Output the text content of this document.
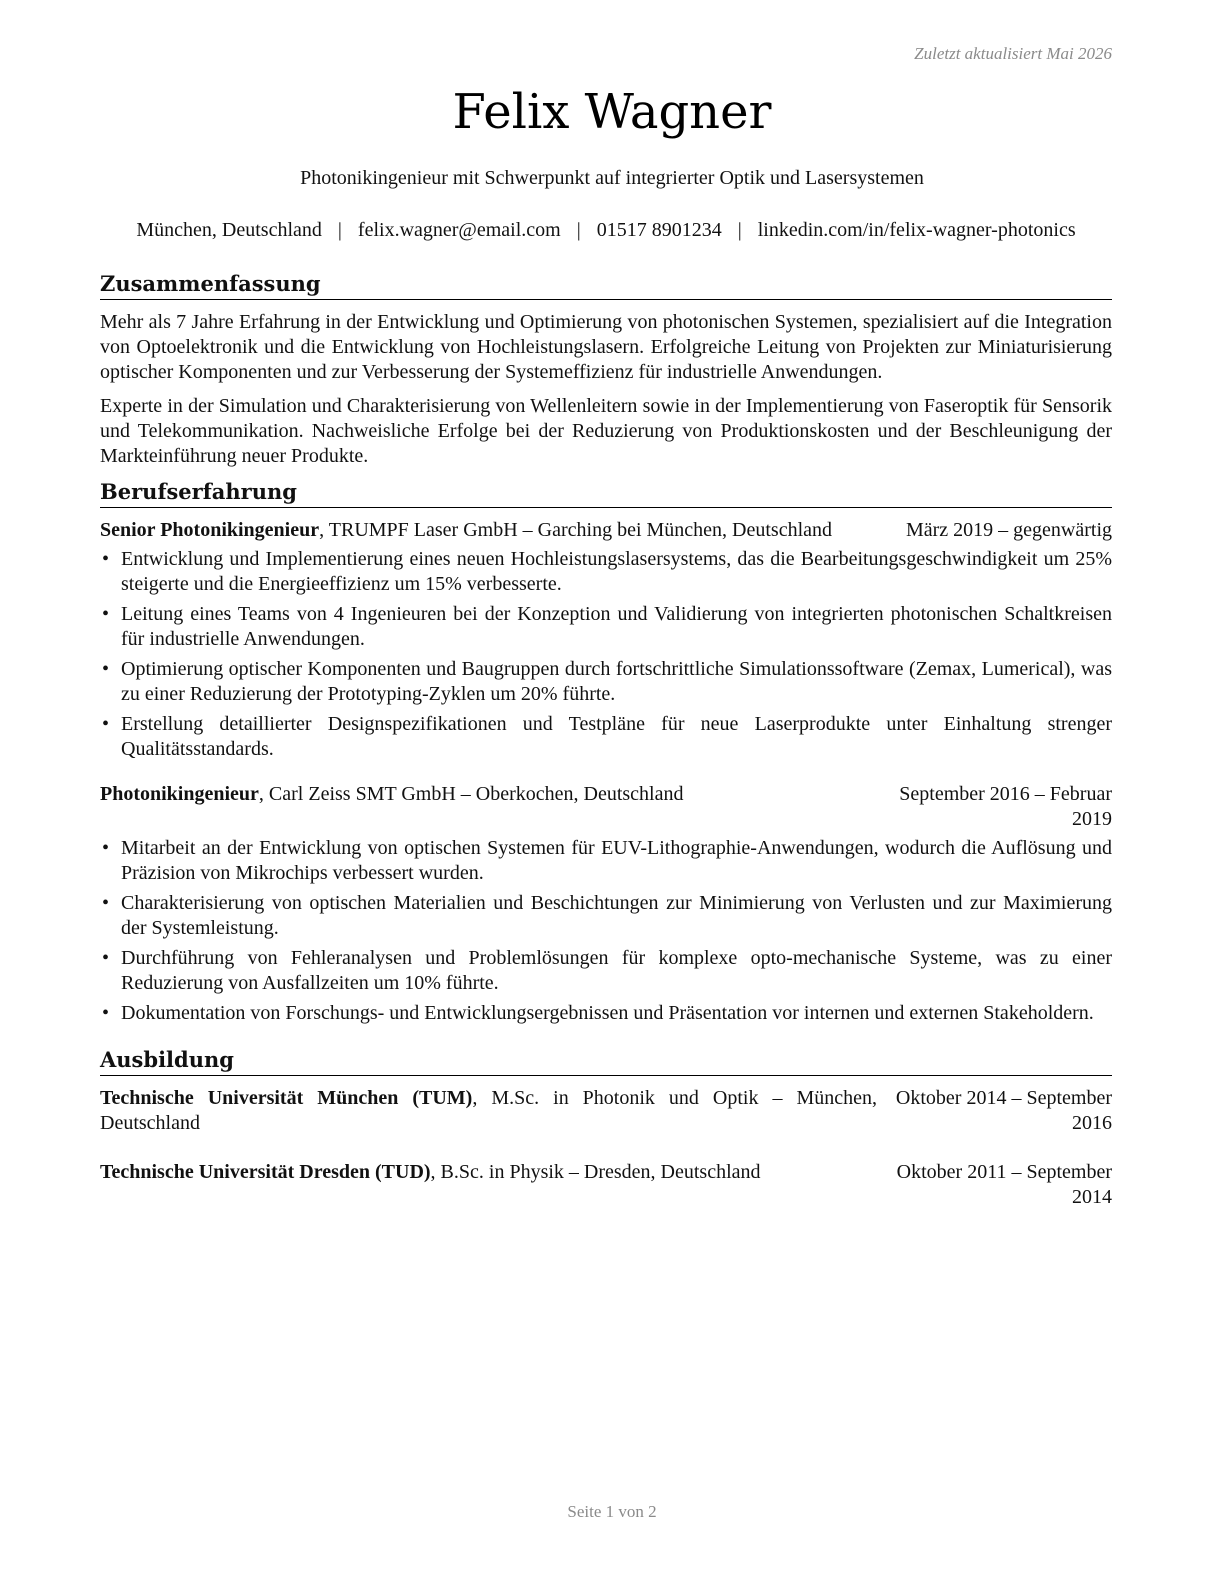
Zuletzt aktualisiert Mai 2026
Felix Wagner
Photonikingenieur mit Schwerpunkt auf integrierter Optik und Lasersystemen
München, Deutschland | felix.wagner@email.com | 01517 8901234 | linkedin.com/in/felix-wagner-photonics
Zusammenfassung

Mehr als 7 Jahre Erfahrung in der Entwicklung und Optimierung von photonischen Systemen, spezialisiert auf die Integration von Optoelektronik und die Entwicklung von Hochleistungslasern. Erfolgreiche Leitung von Projekten zur Miniaturisierung optischer Komponenten und zur Verbesserung der Systemeffizienz für industrielle Anwendungen.

Experte in der Simulation und Charakterisierung von Wellenleitern sowie in der Implementierung von Faseroptik für Sensorik und Telekommunikation. Nachweisliche Erfolge bei der Reduzierung von Produktionskosten und der Beschleunigung der Markteinführung neuer Produkte.

Berufserfahrung
Senior Photonikingenieur, TRUMPF Laser GmbH – Garching bei München, Deutschland	März 2019 – gegenwärtig
• Entwicklung und Implementierung eines neuen Hochleistungslasersystems, das die Bearbeitungsgeschwindigkeit um 25% steigerte und die Energieeffizienz um 15% verbesserte.
• Leitung eines Teams von 4 Ingenieuren bei der Konzeption und Validierung von integrierten photonischen Schaltkreisen für industrielle Anwendungen.
• Optimierung optischer Komponenten und Baugruppen durch fortschrittliche Simulationssoftware (Zemax, Lumerical), was zu einer Reduzierung der Prototyping-Zyklen um 20% führte.
• Erstellung detaillierter Designspezifikationen und Testpläne für neue Laserprodukte unter Einhaltung strenger Qualitätsstandards.
Photonikingenieur, Carl Zeiss SMT GmbH – Oberkochen, Deutschland	September 2016 – Februar 2019
• Mitarbeit an der Entwicklung von optischen Systemen für EUV-Lithographie-Anwendungen, wodurch die Auflösung und Präzision von Mikrochips verbessert wurden.
• Charakterisierung von optischen Materialien und Beschichtungen zur Minimierung von Verlusten und zur Maximierung der Systemleistung.
• Durchführung von Fehleranalysen und Problemlösungen für komplexe opto-mechanische Systeme, was zu einer Reduzierung von Ausfallzeiten um 10% führte.
• Dokumentation von Forschungs- und Entwicklungsergebnissen und Präsentation vor internen und externen Stakeholdern.
Ausbildung
Technische Universität München (TUM), M.Sc. in Photonik und Optik – München, Deutschland
Oktober 2014 – September 2016
Technische Universität Dresden (TUD), B.Sc. in Physik – Dresden, Deutschland	Oktober 2011 – September 2014
Seite 1 von 2
